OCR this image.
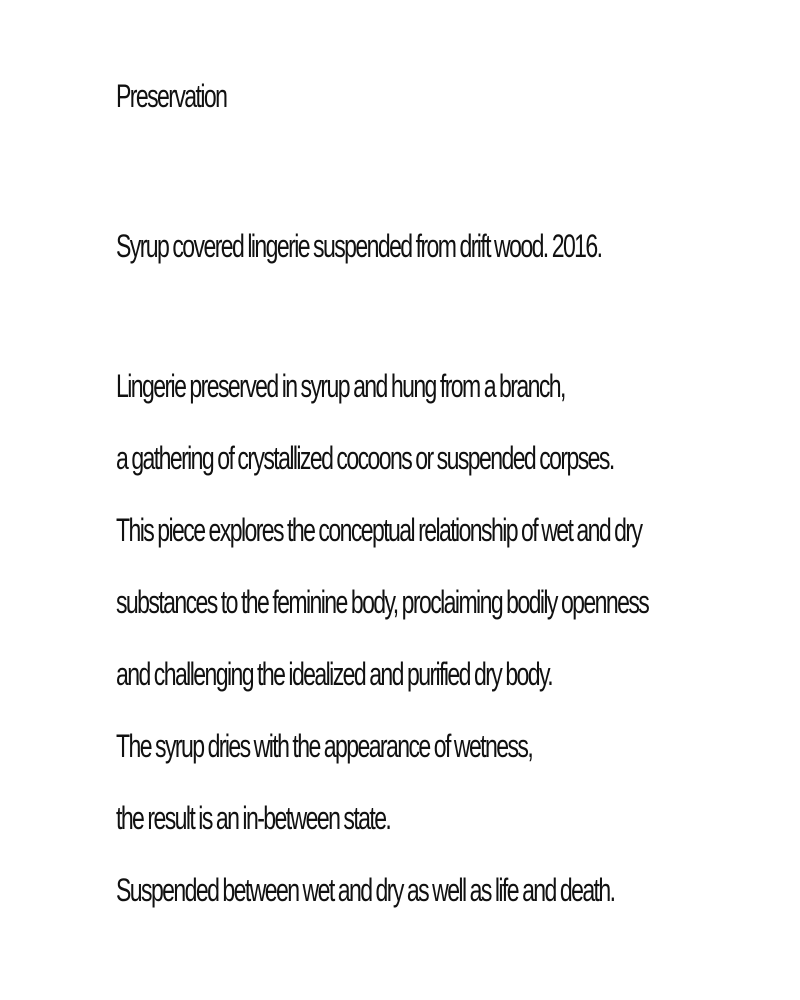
Preservation
Syrup covered lingerie suspended from drift wood. 2016.
Lingerie preserved in syrup and hung from a branch,
a gathering of crystallized cocoons or suspended corpses.
This piece explores the conceptual relationship of wet and dry
substances to the feminine body, proclaiming bodily openness
and challenging the idealized and purified dry body.
The syrup dries with the appearance of wetness,
the result is an in-between state.
Suspended between wet and dry as well as life and death.
